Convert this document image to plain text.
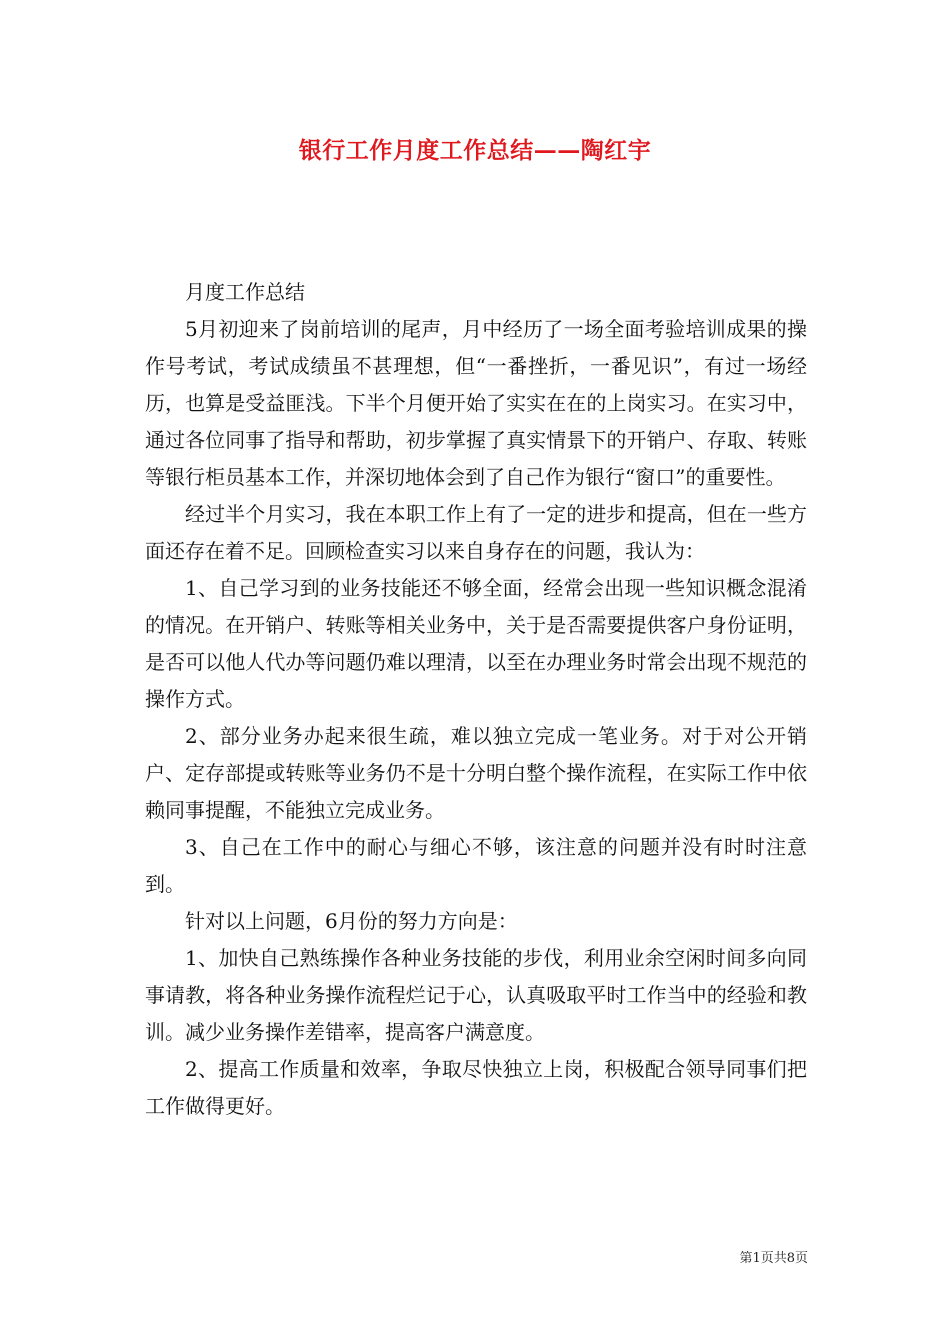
银行工作月度工作总结——陶红宇

月度工作总结

5月初迎来了岗前培训的尾声，月中经历了一场全面考验培训成果的操作号考试，考试成绩虽不甚理想，但“一番挫折，一番见识”，有过一场经历，也算是受益匪浅。下半个月便开始了实实在在的上岗实习。在实习中，通过各位同事了指导和帮助，初步掌握了真实情景下的开销户、存取、转账等银行柜员基本工作，并深切地体会到了自己作为银行“窗口”的重要性。

经过半个月实习，我在本职工作上有了一定的进步和提高，但在一些方面还存在着不足。回顾检查实习以来自身存在的问题，我认为：

1、自己学习到的业务技能还不够全面，经常会出现一些知识概念混淆的情况。在开销户、转账等相关业务中，关于是否需要提供客户身份证明，是否可以他人代办等问题仍难以理清，以至在办理业务时常会出现不规范的操作方式。

2、部分业务办起来很生疏，难以独立完成一笔业务。对于对公开销户、定存部提或转账等业务仍不是十分明白整个操作流程，在实际工作中依赖同事提醒，不能独立完成业务。

3、自己在工作中的耐心与细心不够，该注意的问题并没有时时注意到。

针对以上问题，6月份的努力方向是：

1、加快自己熟练操作各种业务技能的步伐，利用业余空闲时间多向同事请教，将各种业务操作流程烂记于心，认真吸取平时工作当中的经验和教训。减少业务操作差错率，提高客户满意度。

2、提高工作质量和效率，争取尽快独立上岗，积极配合领导同事们把工作做得更好。

第1页共8页
